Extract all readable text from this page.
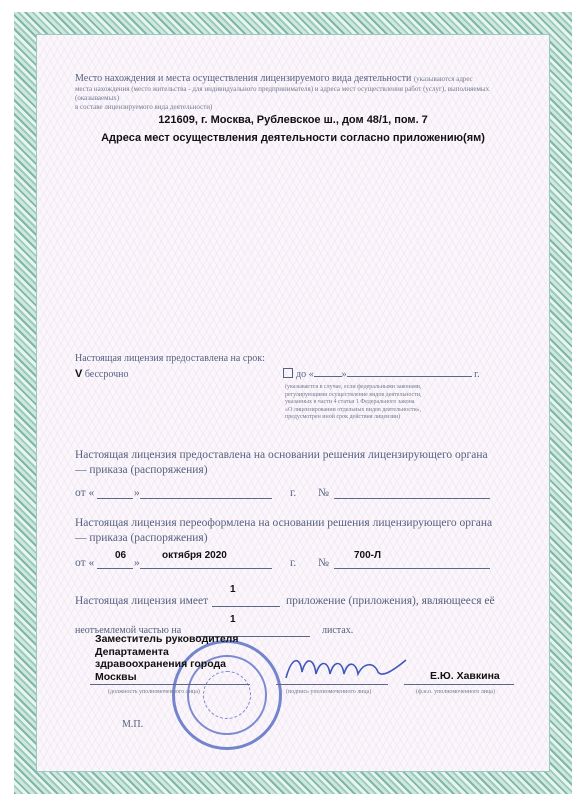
Место нахождения и места осуществления лицензируемого вида деятельности (указываются адрес
места нахождения (место жительства - для индивидуального предпринимателя) и адреса мест осуществления работ (услуг), выполняемых (оказываемых)
в составе лицензируемого вида деятельности)
121609, г. Москва, Рублевское ш., дом 48/1, пом. 7
Адреса мест осуществления деятельности согласно приложению(ям)
Настоящая лицензия предоставлена на срок:
V бессрочно	до «	»	г.
(указывается в случае, если федеральными законами,
регулирующими осуществление видов деятельности,
указанных в части 4 статьи 1 Федерального закона
«О лицензировании отдельных видов деятельности»,
предусмотрен иной срок действия лицензии)
Настоящая лицензия предоставлена на основании решения лицензирующего органа
— приказа (распоряжения)
от «	»	г. №
Настоящая лицензия переоформлена на основании решения лицензирующего органа
— приказа (распоряжения)
06	октября 2020	700-Л
от «	»	г. №
1
Настоящая лицензия имеет	приложение (приложения), являющееся её
1
неотъемлемой частью на	листах.
Заместитель руководителя
Департамента
здравоохранения города
Москвы	Е.Ю. Хавкина
(должность уполномоченного лица)	(подпись уполномоченного лица)	(ф.и.о. уполномоченного лица)
М.П.
